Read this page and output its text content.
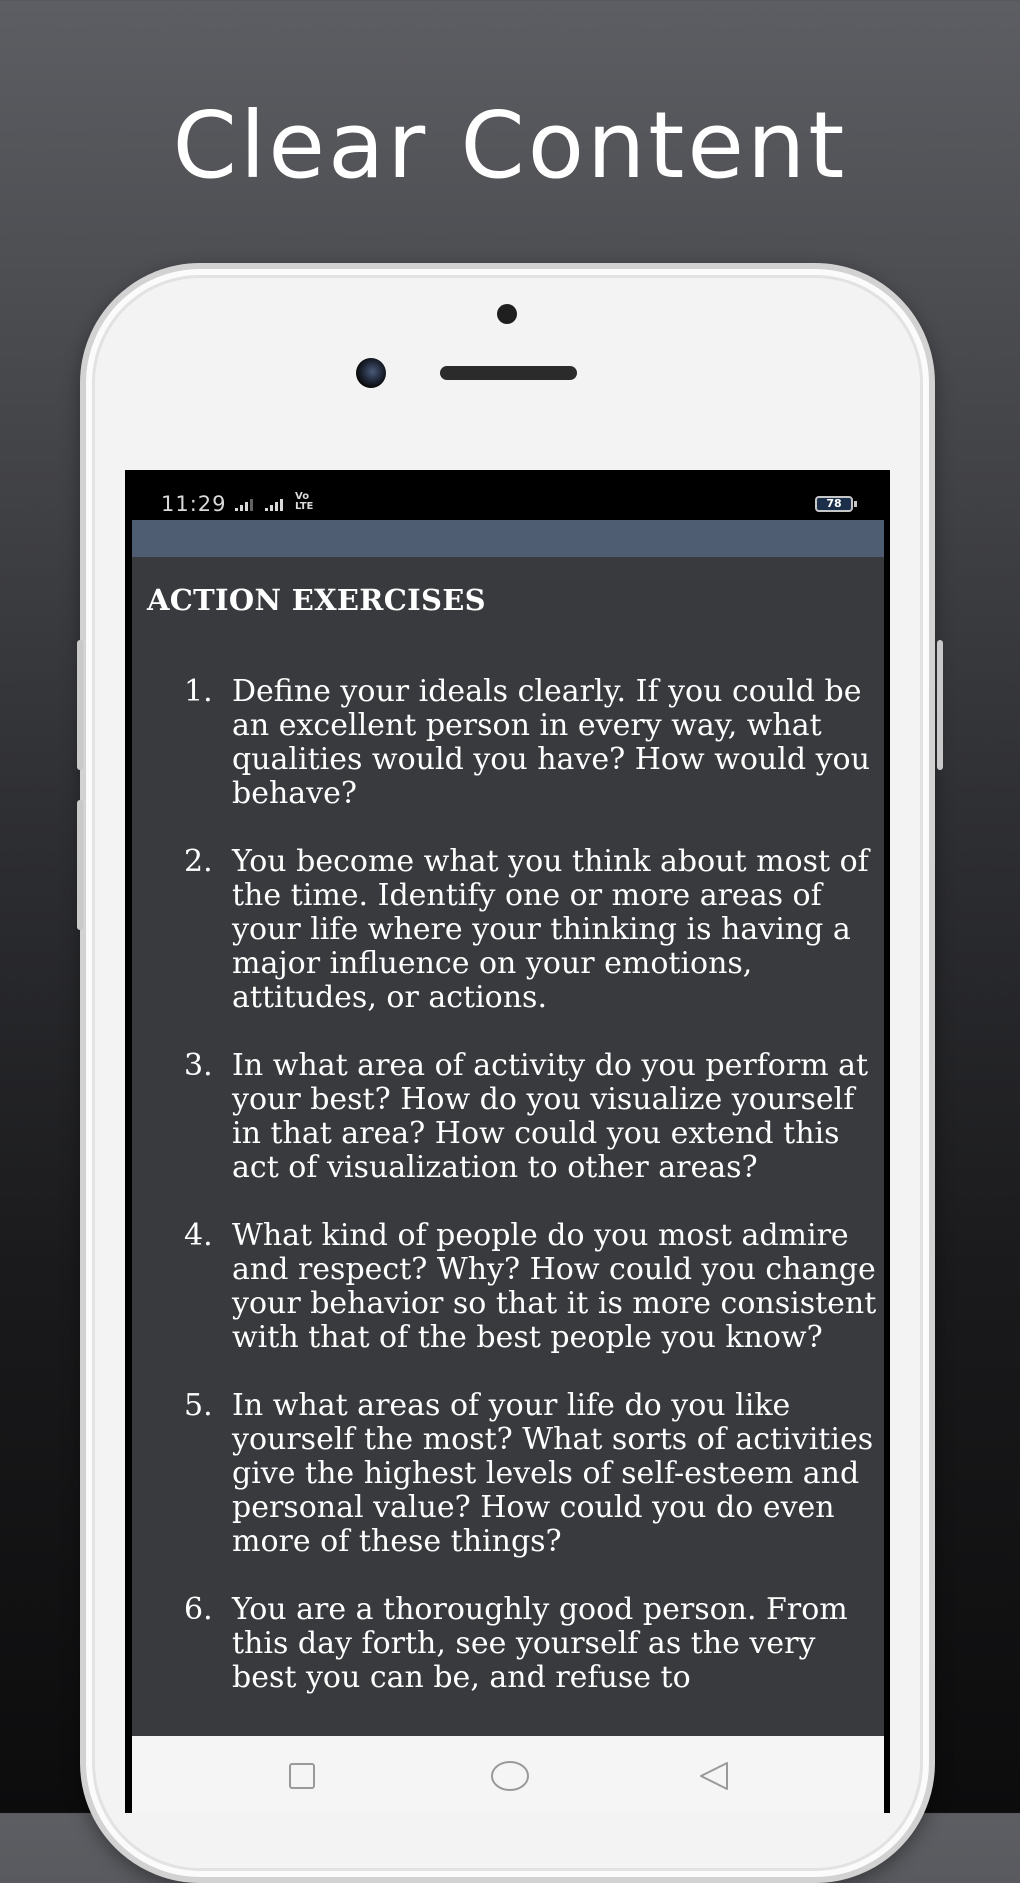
Clear Content
11:29	Vo
LTE	78
ACTION EXERCISES
1. Define your ideals clearly. If you could be an excellent person in every way, what qualities would you have? How would you behave?
2. You become what you think about most of the time. Identify one or more areas of your life where your thinking is having a major influence on your emotions, attitudes, or actions.
3. In what area of activity do you perform at your best? How do you visualize yourself in that area? How could you extend this act of visualization to other areas?
4. What kind of people do you most admire and respect? Why? How could you change your behavior so that it is more consistent with that of the best people you know?
5. In what areas of your life do you like yourself the most? What sorts of activities give the highest levels of self-esteem and personal value? How could you do even more of these things?
6. You are a thoroughly good person. From this day forth, see yourself as the very best you can be, and refuse to
